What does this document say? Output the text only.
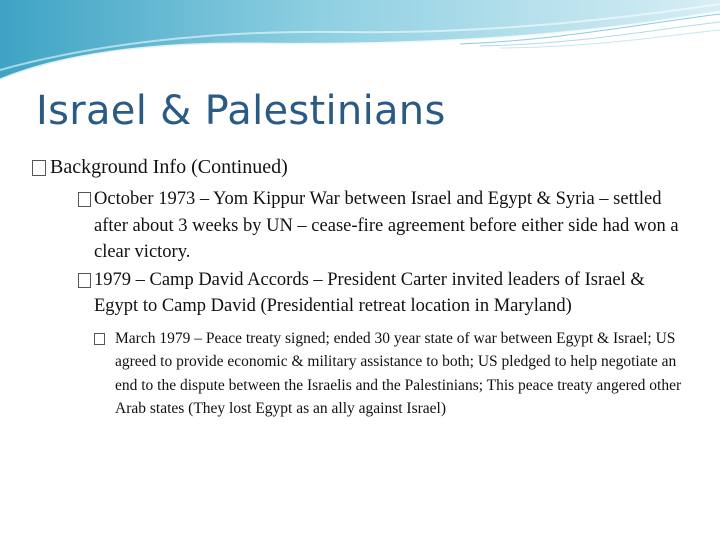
Israel & Palestinians
Background Info (Continued)
October 1973 – Yom Kippur War between Israel and Egypt & Syria – settled after about 3 weeks by UN – cease-fire agreement before either side had won a clear victory.
1979 – Camp David Accords – President Carter invited leaders of Israel & Egypt to Camp David (Presidential retreat location in Maryland)
March 1979 – Peace treaty signed; ended 30 year state of war between Egypt & Israel; US agreed to provide economic & military assistance to both; US pledged to help negotiate an end to the dispute between the Israelis and the Palestinians; This peace treaty angered other Arab states (They lost Egypt as an ally against Israel)
